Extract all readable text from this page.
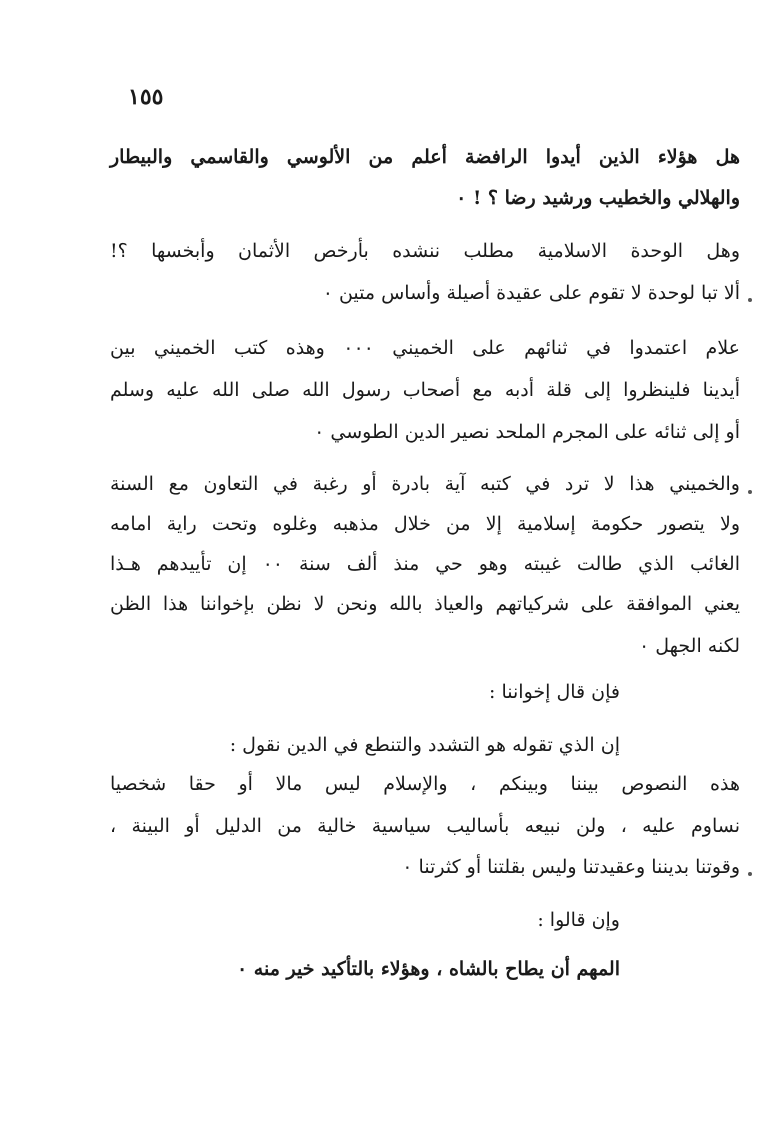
١٥٥
هل هؤلاء الذين أيدوا الرافضة أعلم من الألوسي والقاسمي والبيطار
والهلالي والخطيب ورشيد رضا ؟ ! ٠
وهل الوحدة الاسلامية مطلب ننشده بأرخص الأثمان وأبخسها ؟!
ألا تبا لوحدة لا تقوم على عقيدة أصيلة وأساس متين ٠
علام اعتمدوا في ثنائهم على الخميني ٠٠٠ وهذه كتب الخميني بين
أيدينا فلينظروا إلى قلة أدبه مع أصحاب رسول الله صلى الله عليه وسلم
أو إلى ثنائه على المجرم الملحد نصير الدين الطوسي ٠
والخميني هذا لا ترد في كتبه آية بادرة أو رغبة في التعاون مع السنة
ولا يتصور حكومة إسلامية إلا من خلال مذهبه وغلوه وتحت راية امامه
الغائب الذي طالت غيبته وهو حي منذ ألف سنة ٠٠ إن تأييدهم هـذا
يعني الموافقة على شركياتهم والعياذ بالله ونحن لا نظن بإخواننا هذا الظن
لكنه الجهل ٠
فإن قال إخواننا :
إن الذي تقوله هو التشدد والتنطع في الدين نقول :
هذه النصوص بيننا وبينكم ، والإسلام ليس مالا أو حقا شخصيا
نساوم عليه ، ولن نبيعه بأساليب سياسية خالية من الدليل أو البينة ،
وقوتنا بديننا وعقيدتنا وليس بقلتنا أو كثرتنا ٠
وإن قالوا :
المهم أن يطاح بالشاه ، وهؤلاء بالتأكيد خير منه ٠
